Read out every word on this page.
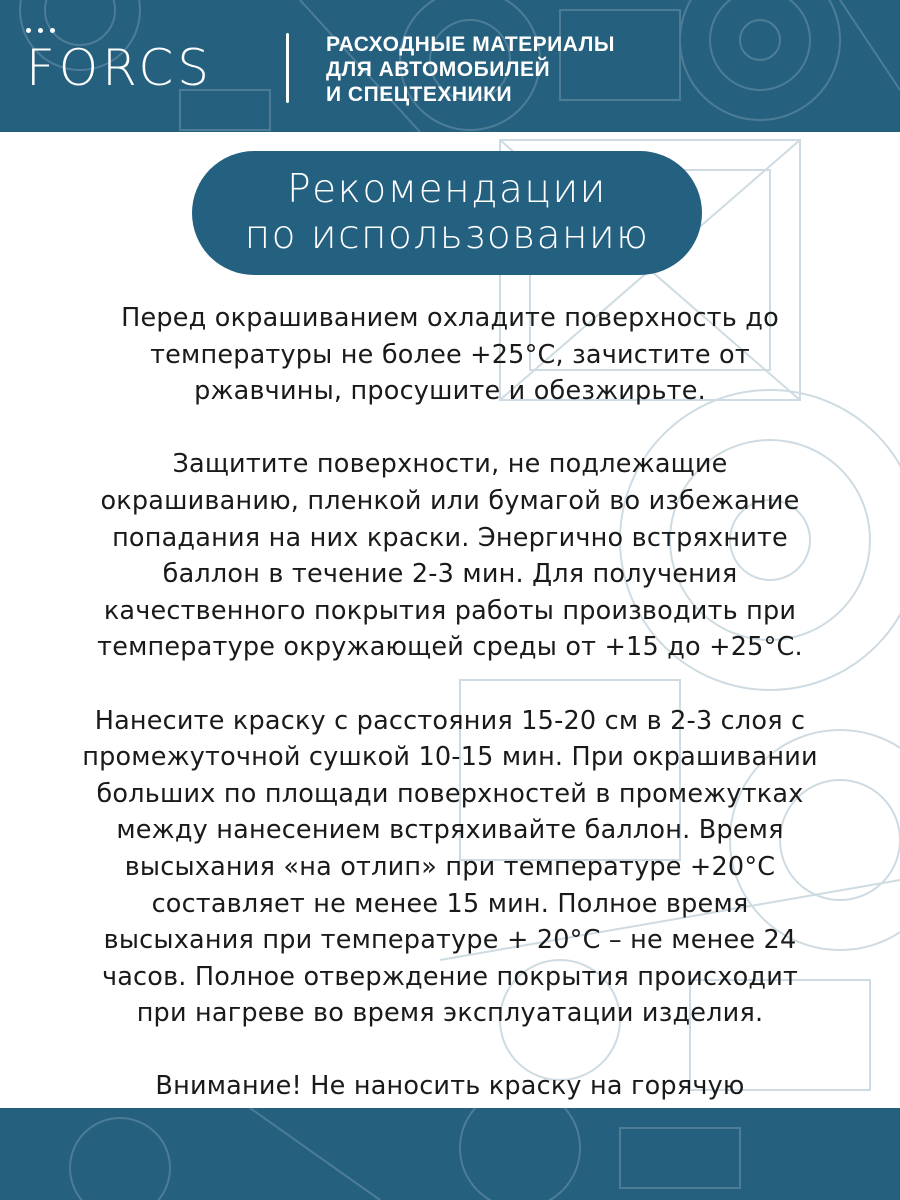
FORCS	РАСХОДНЫЕ МАТЕРИАЛЫ
ДЛЯ АВТОМОБИЛЕЙ
И СПЕЦТЕХНИКИ
Рекомендации
по использованию
Перед окрашиванием охладите поверхность до
температуры не более +25°С, зачистите от
ржавчины, просушите и обезжирьте.
Защитите поверхности, не подлежащие
окрашиванию, пленкой или бумагой во избежание
попадания на них краски. Энергично встряхните
баллон в течение 2-3 мин. Для получения
качественного покрытия работы производить при
температуре окружающей среды от +15 до +25°С.
Нанесите краску с расстояния 15-20 см в 2-3 слоя с
промежуточной сушкой 10-15 мин. При окрашивании
больших по площади поверхностей в промежутках
между нанесением встряхивайте баллон. Время
высыхания «на отлип» при температуре +20°С
составляет не менее 15 мин. Полное время
высыхания при температуре + 20°С – не менее 24
часов. Полное отверждение покрытия происходит
при нагреве во время эксплуатации изделия.
Внимание! Не наносить краску на горячую
